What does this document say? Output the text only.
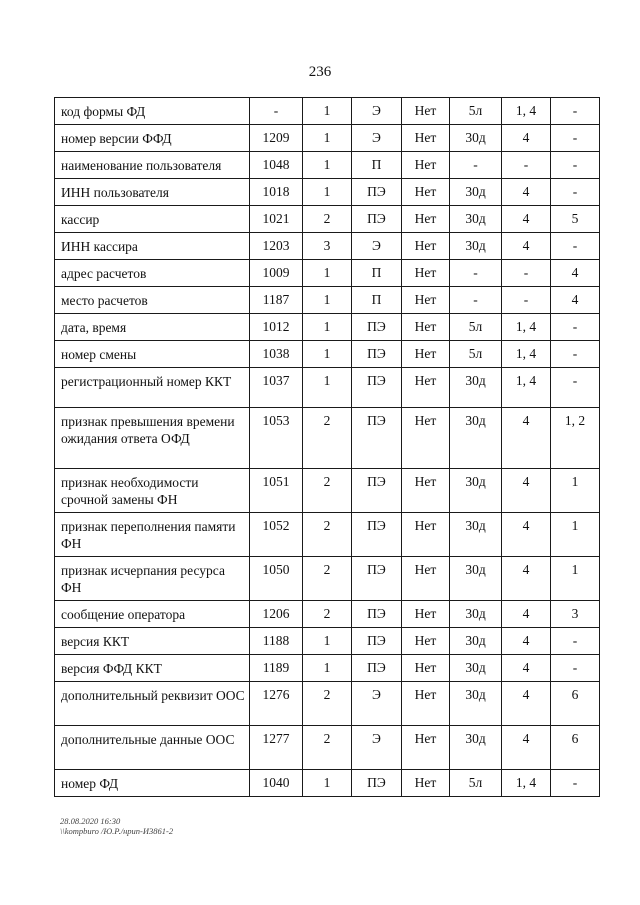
236
код формы ФД	-	1	Э	Нет	5л	1, 4	-
номер версии ФФД	1209	1	Э	Нет	30д	4	-
наименование пользователя	1048	1	П	Нет	-	-	-
ИНН пользователя	1018	1	ПЭ	Нет	30д	4	-
кассир	1021	2	ПЭ	Нет	30д	4	5
ИНН кассира	1203	3	Э	Нет	30д	4	-
адрес расчетов	1009	1	П	Нет	-	-	4
место расчетов	1187	1	П	Нет	-	-	4
дата, время	1012	1	ПЭ	Нет	5л	1, 4	-
номер смены	1038	1	ПЭ	Нет	5л	1, 4	-
регистрационный номер ККТ	1037	1	ПЭ	Нет	30д	1, 4	-
признак превышения времени ожидания ответа ОФД	1053	2	ПЭ	Нет	30д	4	1, 2
признак необходимости срочной замены ФН	1051	2	ПЭ	Нет	30д	4	1
признак переполнения памяти ФН	1052	2	ПЭ	Нет	30д	4	1
признак исчерпания ресурса ФН	1050	2	ПЭ	Нет	30д	4	1
сообщение оператора	1206	2	ПЭ	Нет	30д	4	3
версия ККТ	1188	1	ПЭ	Нет	30д	4	-
версия ФФД ККТ	1189	1	ПЭ	Нет	30д	4	-
дополнительный реквизит ООС	1276	2	Э	Нет	30д	4	6
дополнительные данные ООС	1277	2	Э	Нет	30д	4	6
номер ФД	1040	1	ПЭ	Нет	5л	1, 4	-
28.08.2020 16:30
\\kompburo /Ю.Р./нрип-И3861-2
